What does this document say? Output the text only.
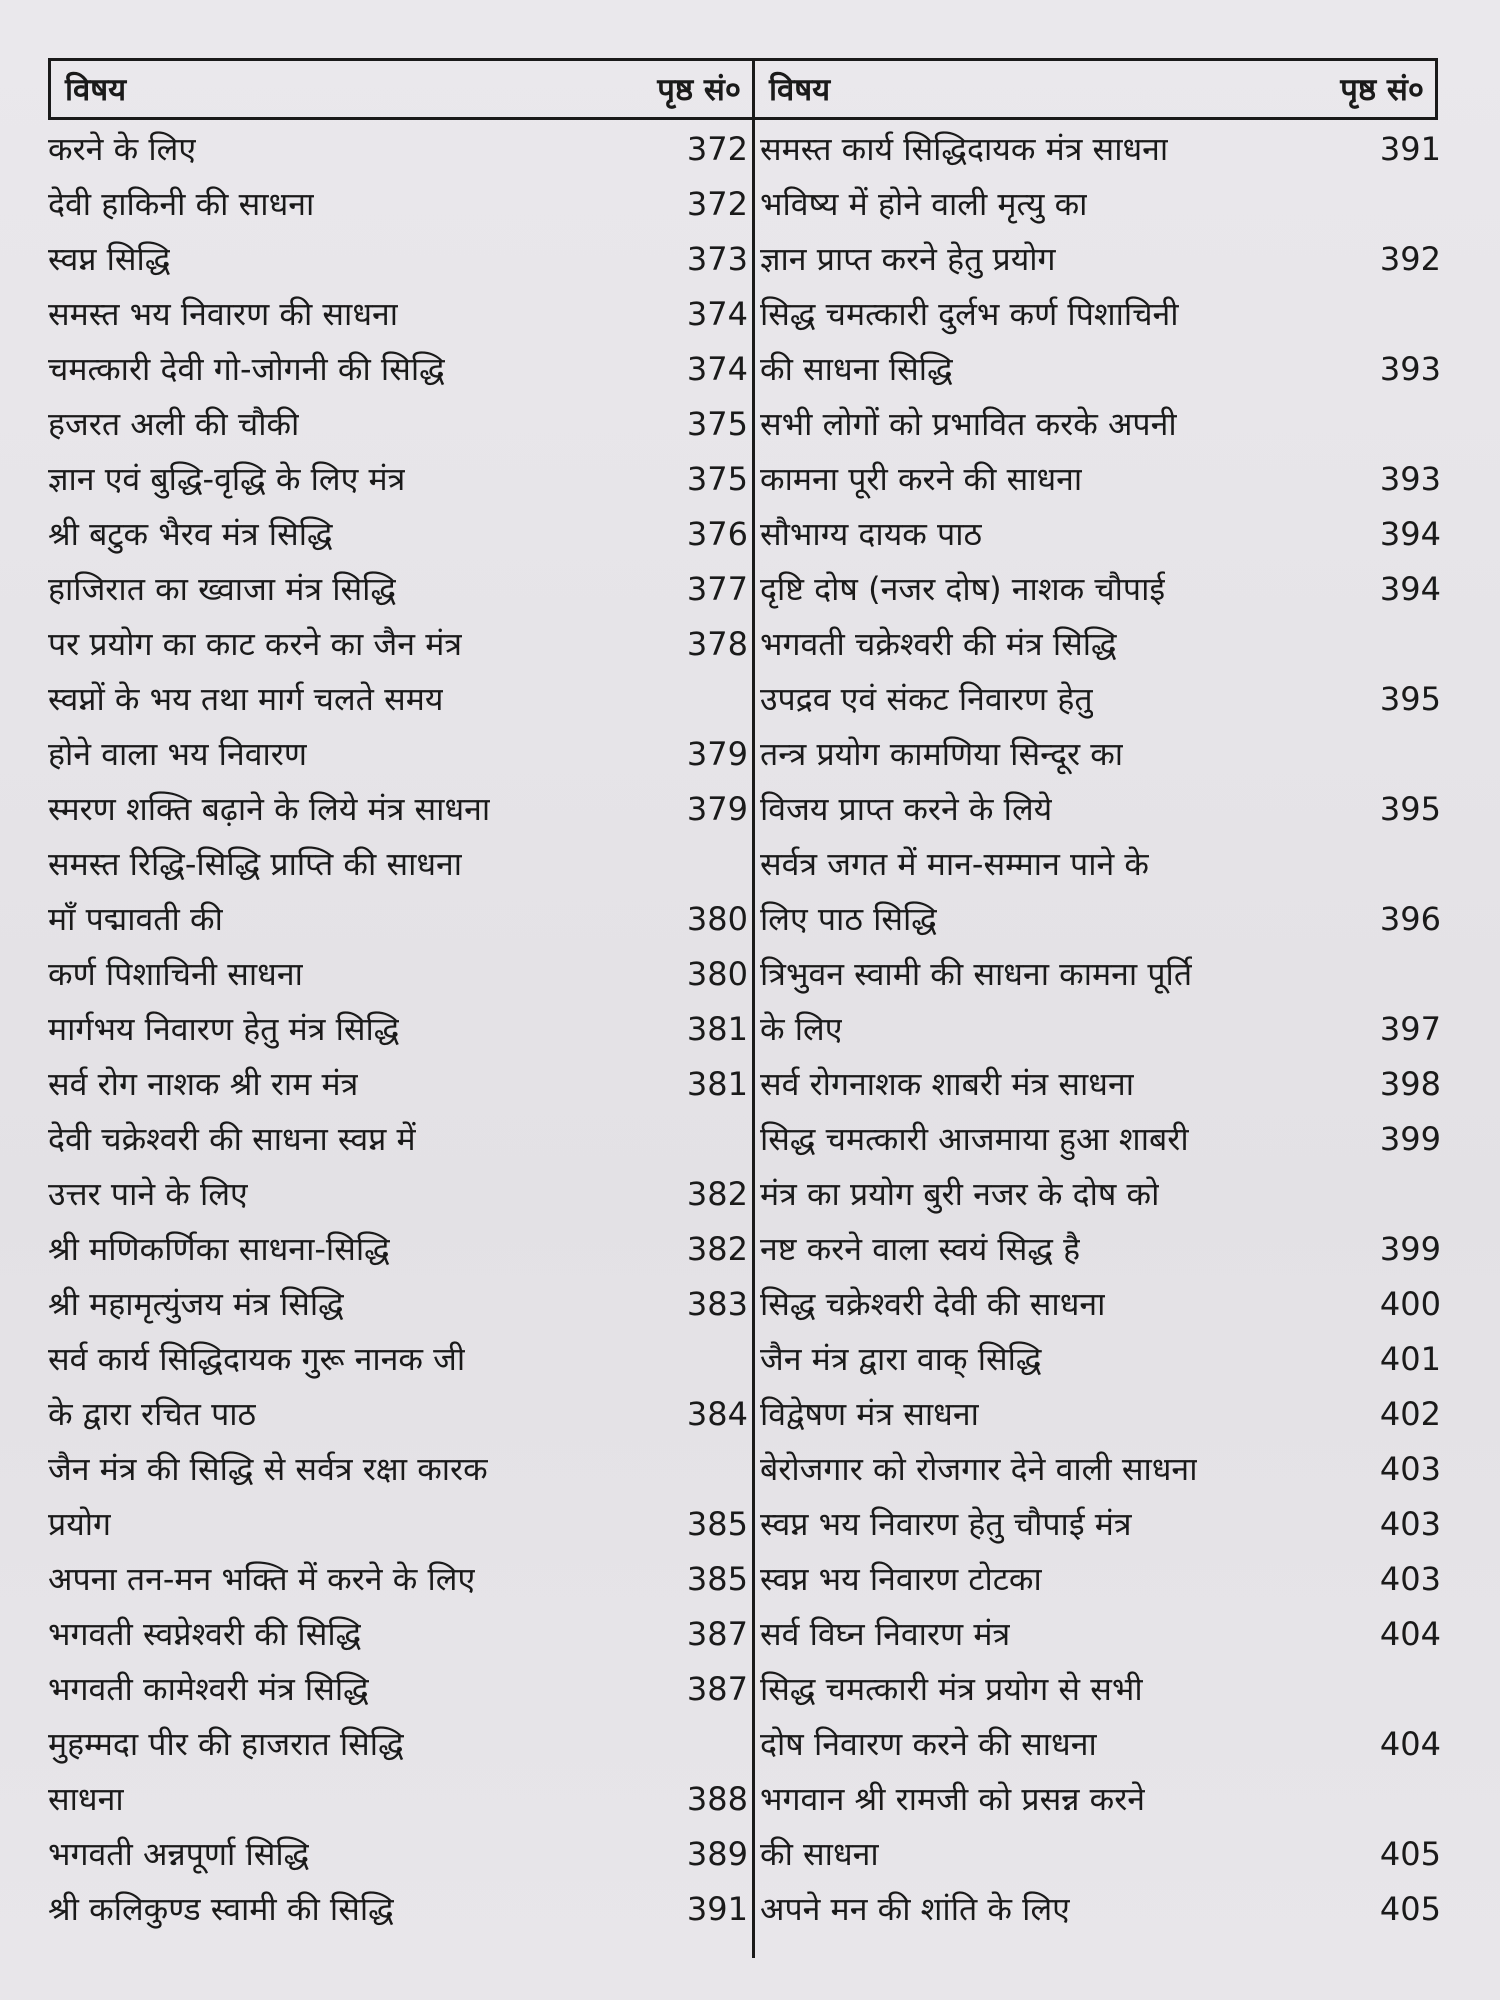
विषय	पृष्ठ सं० विषय	पृष्ठ सं०
करने के लिए	372
देवी हाकिनी की साधना	372
स्वप्न सिद्धि	373
समस्त भय निवारण की साधना	374
चमत्कारी देवी गो-जोगनी की सिद्धि	374
हजरत अली की चौकी	375
ज्ञान एवं बुद्धि-वृद्धि के लिए मंत्र	375
श्री बटुक भैरव मंत्र सिद्धि	376
हाजिरात का ख्वाजा मंत्र सिद्धि	377
पर प्रयोग का काट करने का जैन मंत्र	378
स्वप्नों के भय तथा मार्ग चलते समय
होने वाला भय निवारण	379
स्मरण शक्ति बढ़ाने के लिये मंत्र साधना	379
समस्त रिद्धि-सिद्धि प्राप्ति की साधना
माँ पद्मावती की	380
कर्ण पिशाचिनी साधना	380
मार्गभय निवारण हेतु मंत्र सिद्धि	381
सर्व रोग नाशक श्री राम मंत्र	381
देवी चक्रेश्वरी की साधना स्वप्न में
उत्तर पाने के लिए	382
श्री मणिकर्णिका साधना-सिद्धि	382
श्री महामृत्युंजय मंत्र सिद्धि	383
सर्व कार्य सिद्धिदायक गुरू नानक जी
के द्वारा रचित पाठ	384
जैन मंत्र की सिद्धि से सर्वत्र रक्षा कारक
प्रयोग	385
अपना तन-मन भक्ति में करने के लिए	385
भगवती स्वप्नेश्वरी की सिद्धि	387
भगवती कामेश्वरी मंत्र सिद्धि	387
मुहम्मदा पीर की हाजरात सिद्धि
साधना	388
भगवती अन्नपूर्णा सिद्धि	389
श्री कलिकुण्ड स्वामी की सिद्धि	391
समस्त कार्य सिद्धिदायक मंत्र साधना	391
भविष्य में होने वाली मृत्यु का
ज्ञान प्राप्त करने हेतु प्रयोग	392
सिद्ध चमत्कारी दुर्लभ कर्ण पिशाचिनी
की साधना सिद्धि	393
सभी लोगों को प्रभावित करके अपनी
कामना पूरी करने की साधना	393
सौभाग्य दायक पाठ	394
दृष्टि दोष (नजर दोष) नाशक चौपाई	394
भगवती चक्रेश्वरी की मंत्र सिद्धि
उपद्रव एवं संकट निवारण हेतु	395
तन्त्र प्रयोग कामणिया सिन्दूर का
विजय प्राप्त करने के लिये	395
सर्वत्र जगत में मान-सम्मान पाने के
लिए पाठ सिद्धि	396
त्रिभुवन स्वामी की साधना कामना पूर्ति
के लिए	397
सर्व रोगनाशक शाबरी मंत्र साधना	398
सिद्ध चमत्कारी आजमाया हुआ शाबरी	399
मंत्र का प्रयोग बुरी नजर के दोष को
नष्ट करने वाला स्वयं सिद्ध है	399
सिद्ध चक्रेश्वरी देवी की साधना	400
जैन मंत्र द्वारा वाक् सिद्धि	401
विद्वेषण मंत्र साधना	402
बेरोजगार को रोजगार देने वाली साधना	403
स्वप्न भय निवारण हेतु चौपाई मंत्र	403
स्वप्न भय निवारण टोटका	403
सर्व विघ्न निवारण मंत्र	404
सिद्ध चमत्कारी मंत्र प्रयोग से सभी
दोष निवारण करने की साधना	404
भगवान श्री रामजी को प्रसन्न करने
की साधना	405
अपने मन की शांति के लिए	405
